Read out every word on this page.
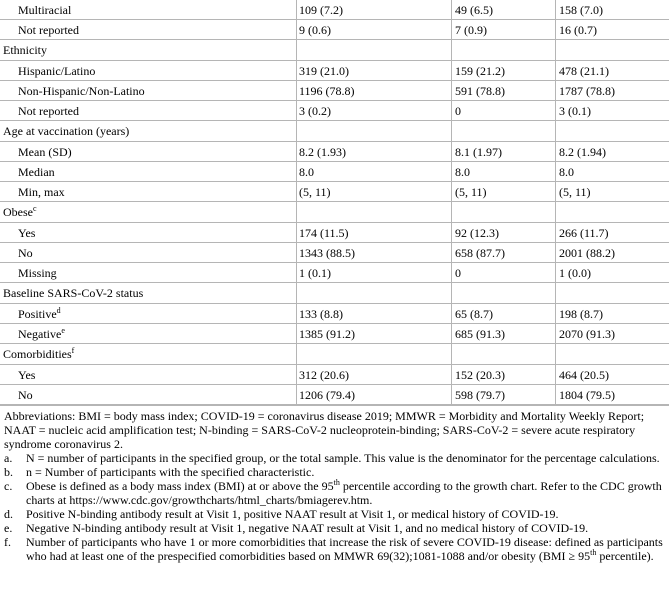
Multiracial	109 (7.2)	49 (6.5)	158 (7.0)
Not reported	9 (0.6)	7 (0.9)	16 (0.7)
Ethnicity
Hispanic/Latino	319 (21.0)	159 (21.2)	478 (21.1)
Non-Hispanic/Non-Latino	1196 (78.8)	591 (78.8)	1787 (78.8)
Not reported	3 (0.2)	0	3 (0.1)
Age at vaccination (years)
Mean (SD)	8.2 (1.93)	8.1 (1.97)	8.2 (1.94)
Median	8.0	8.0	8.0
Min, max	(5, 11)	(5, 11)	(5, 11)
Obese$^c$
Yes	174 (11.5)	92 (12.3)	266 (11.7)
No	1343 (88.5)	658 (87.7)	2001 (88.2)
Missing	1 (0.1)	0	1 (0.0)
Baseline SARS-CoV-2 status
Positive$^d$	133 (8.8)	65 (8.7)	198 (8.7)
Negative$^e$	1385 (91.2)	685 (91.3)	2070 (91.3)
Comorbidities$^f$
Yes	312 (20.6)	152 (20.3)	464 (20.5)
No	1206 (79.4)	598 (79.7)	1804 (79.5)

Abbreviations: BMI = body mass index; COVID-19 = coronavirus disease 2019; MMWR = Morbidity and Mortality Weekly Report; NAAT = nucleic acid amplification test; N-binding = SARS-CoV-2 nucleoprotein-binding; SARS-CoV-2 = severe acute respiratory syndrome coronavirus 2.

a.	N = number of participants in the specified group, or the total sample. This value is the denominator for the percentage calculations.
b.	n = Number of participants with the specified characteristic.
c.	Obese is defined as a body mass index (BMI) at or above the 95th percentile according to the growth chart. Refer to the CDC growth charts at https://www.cdc.gov/growthcharts/html_charts/bmiagerev.htm.
d.	Positive N-binding antibody result at Visit 1, positive NAAT result at Visit 1, or medical history of COVID-19.
e.	Negative N-binding antibody result at Visit 1, negative NAAT result at Visit 1, and no medical history of COVID-19.
f.	Number of participants who have 1 or more comorbidities that increase the risk of severe COVID-19 disease: defined as participants who had at least one of the prespecified comorbidities based on MMWR 69(32);1081-1088 and/or obesity (BMI ≥ 95th percentile).
